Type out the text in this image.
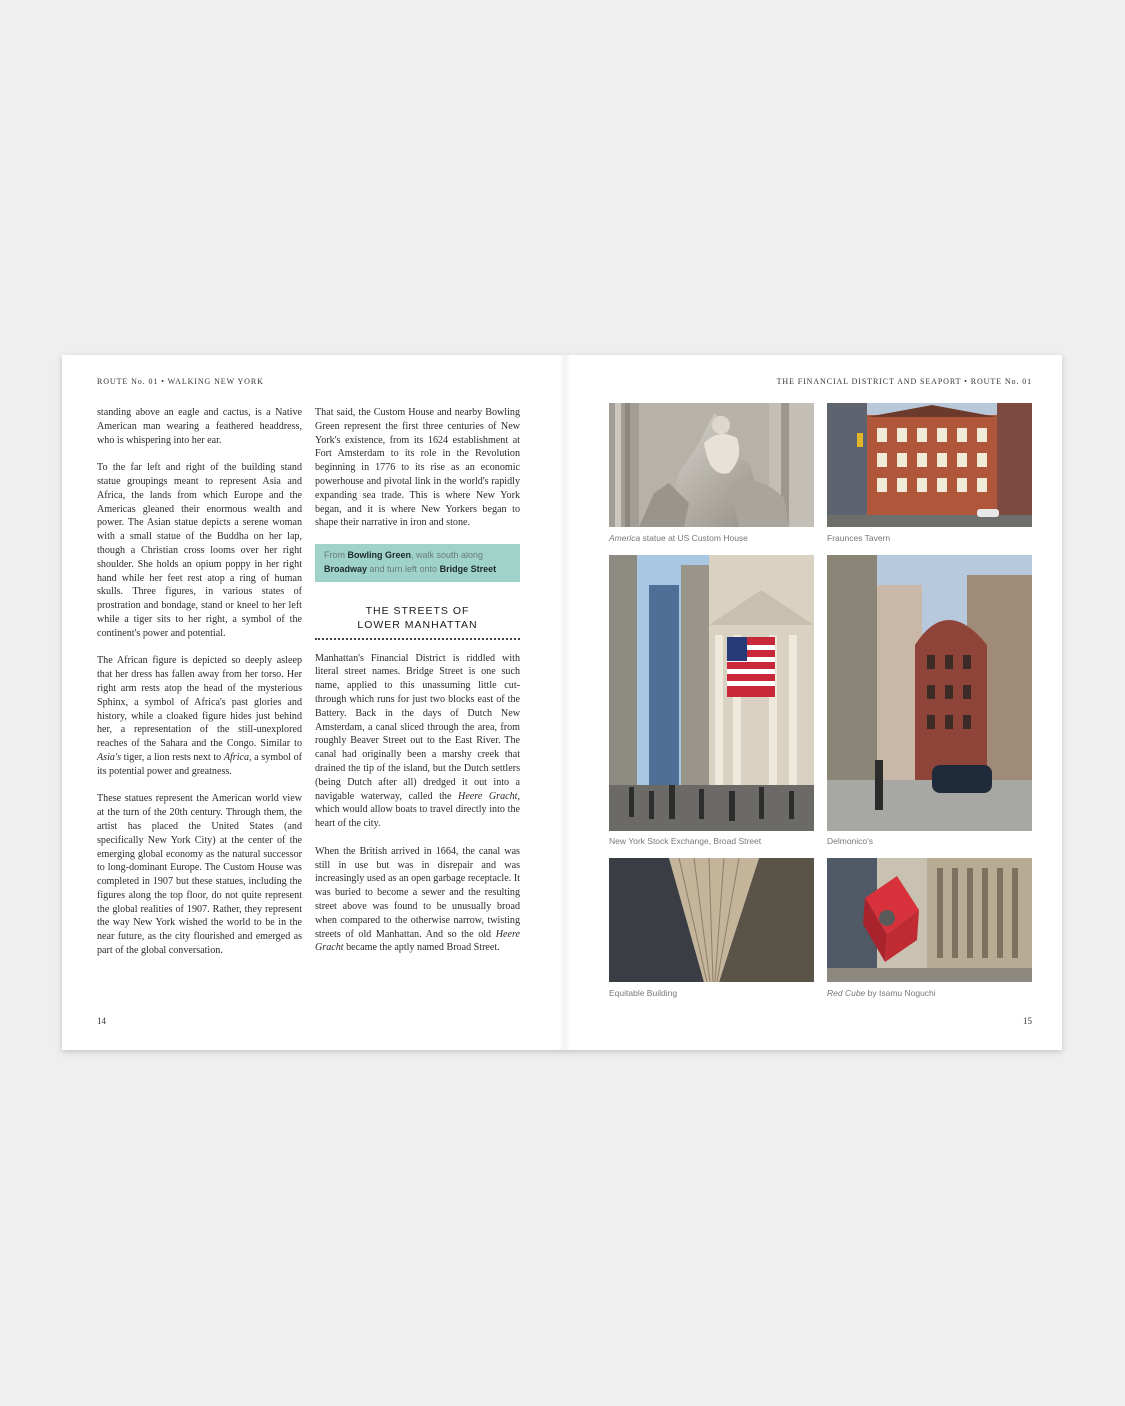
ROUTE No. 01 • WALKING NEW YORK

standing above an eagle and cactus, is a Native American man wearing a feathered headdress, who is whispering into her ear.

To the far left and right of the building stand statue groupings meant to represent Asia and Africa, the lands from which Europe and the Americas gleaned their enormous wealth and power. The Asian statue depicts a serene woman with a small statue of the Buddha on her lap, though a Christian cross looms over her right shoulder. She holds an opium poppy in her right hand while her feet rest atop a ring of human skulls. Three figures, in various states of prostration and bondage, stand or kneel to her left while a tiger sits to her right, a symbol of the continent's power and potential.

The African figure is depicted so deeply asleep that her dress has fallen away from her torso. Her right arm rests atop the head of the mysterious Sphinx, a symbol of Africa's past glories and history, while a cloaked figure hides just behind her, a representation of the still-unexplored reaches of the Sahara and the Congo. Similar to Asia's tiger, a lion rests next to Africa, a symbol of its potential power and greatness.

These statues represent the American world view at the turn of the 20th century. Through them, the artist has placed the United States (and specifically New York City) at the center of the emerging global economy as the natural successor to long-dominant Europe. The Custom House was completed in 1907 but these statues, including the figures along the top floor, do not quite represent the global realities of 1907. Rather, they represent the way New York wished the world to be in the near future, as the city flourished and emerged as part of the global conversation.

That said, the Custom House and nearby Bowling Green represent the first three centuries of New York's existence, from its 1624 establishment at Fort Amsterdam to its role in the Revolution beginning in 1776 to its rise as an economic powerhouse and pivotal link in the world's rapidly expanding sea trade. This is where New York began, and it is where New Yorkers began to shape their narrative in iron and stone.

From Bowling Green, walk south along Broadway and turn left onto Bridge Street
THE STREETS OF
LOWER MANHATTAN

Manhattan's Financial District is riddled with literal street names. Bridge Street is one such name, applied to this unassuming little cut-through which runs for just two blocks east of the Battery. Back in the days of Dutch New Amsterdam, a canal sliced through the area, from roughly Beaver Street out to the East River. The canal had originally been a marshy creek that drained the tip of the island, but the Dutch settlers (being Dutch after all) dredged it out into a navigable waterway, called the Heere Gracht, which would allow boats to travel directly into the heart of the city.

When the British arrived in 1664, the canal was still in use but was in disrepair and was increasingly used as an open garbage receptacle. It was buried to become a sewer and the resulting street above was found to be unusually broad when compared to the otherwise narrow, twisting streets of old Manhattan. And so the old Heere Gracht became the aptly named Broad Street.

14
THE FINANCIAL DISTRICT AND SEAPORT • ROUTE No. 01
America statue at US Custom House	Fraunces Tavern
New York Stock Exchange, Broad Street	Delmonico's
Equitable Building	Red Cube by Isamu Noguchi
15
